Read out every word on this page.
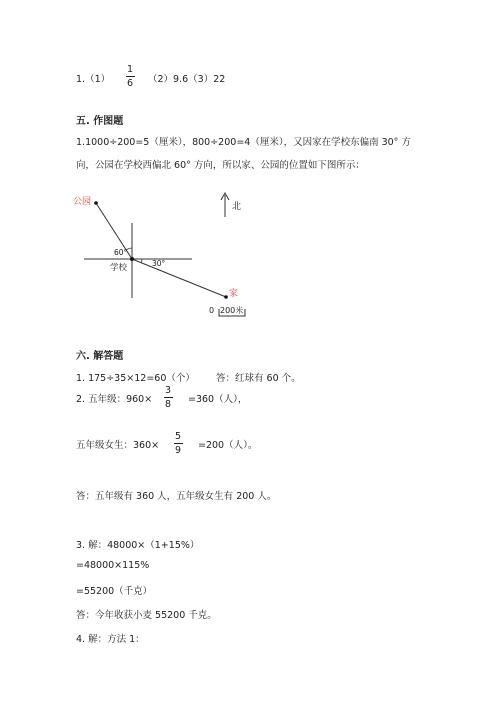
1.（1）
1
6 （2）9.6（3）22
五. 作图题
1.1000÷200=5（厘米），800÷200=4（厘米），又因家在学校东偏南 30° 方
向，公园在学校西偏北 60° 方向，所以家、公园的位置如下图所示：
公园
学校
家
北
60°
30°
0 200米
六. 解答题
1. 175÷35×12=60（个） 答：红球有 60 个。
2. 五年级：960×
3
8 =360（人），
五年级女生：360×
5
9 =200（人）。
答：五年级有 360 人，五年级女生有 200 人。
3. 解：48000×（1+15%）
=48000×115%
=55200（千克）
答：今年收获小麦 55200 千克。
4. 解：方法 1：
